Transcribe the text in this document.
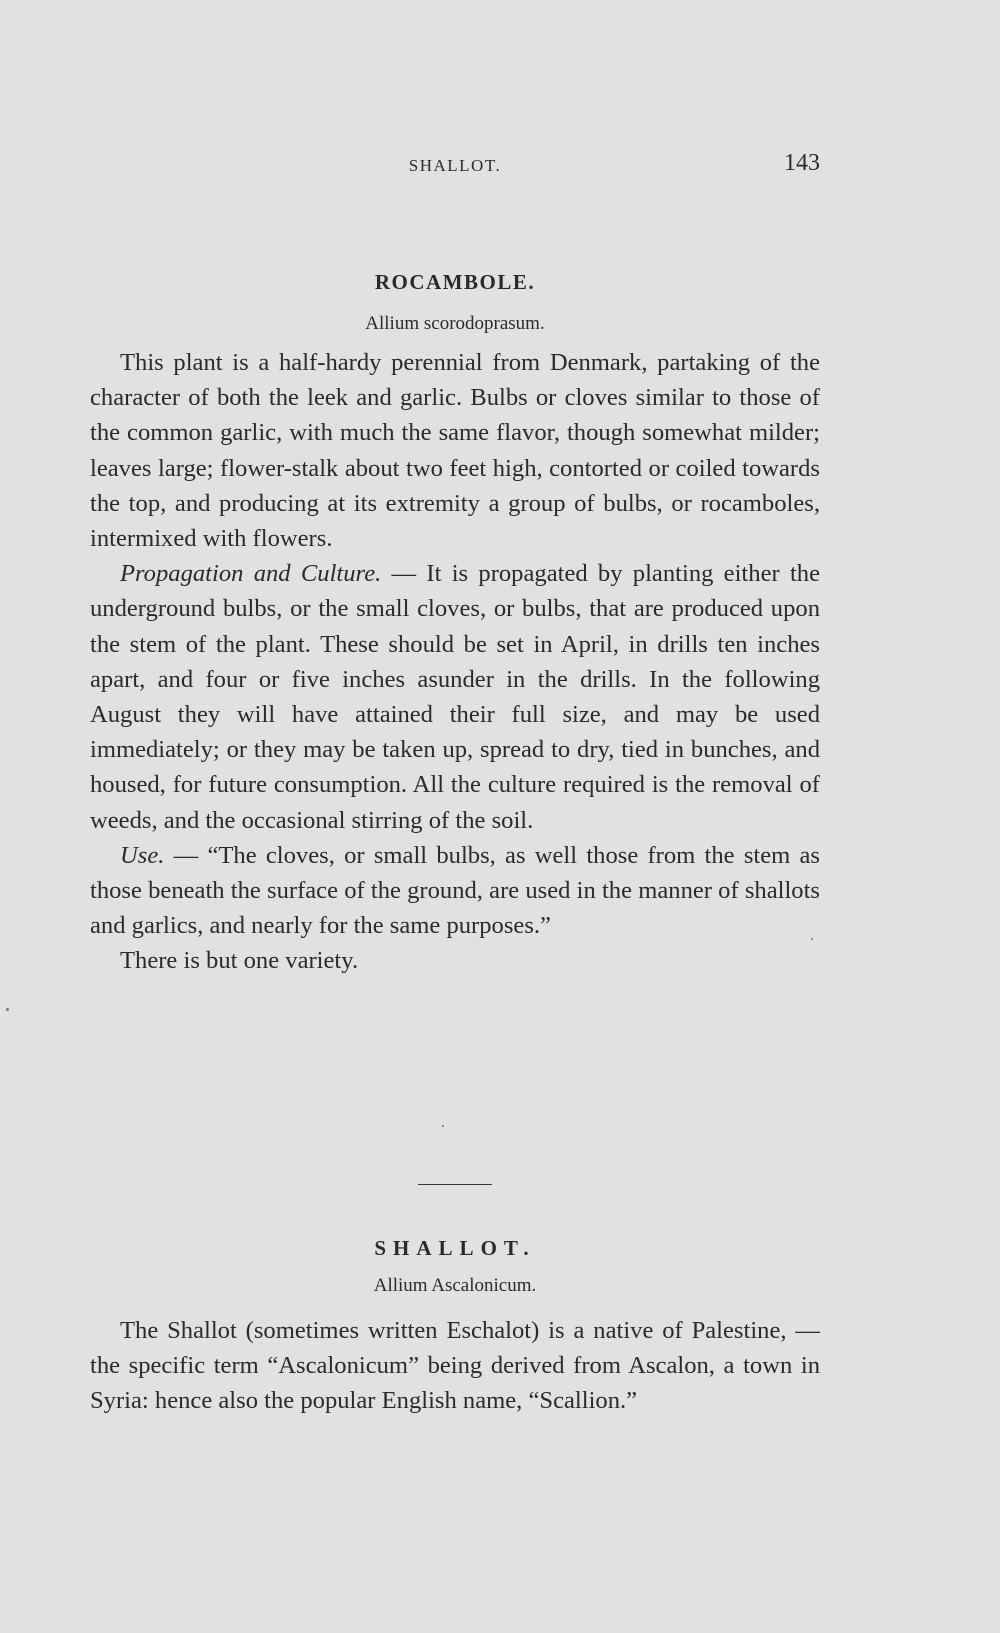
SHALLOT.	143
ROCAMBOLE.

Allium scorodoprasum.

This plant is a half-hardy perennial from Denmark, partaking of the character of both the leek and garlic. Bulbs or cloves similar to those of the common garlic, with much the same flavor, though somewhat milder; leaves large; flower-stalk about two feet high, contorted or coiled towards the top, and producing at its extremity a group of bulbs, or rocamboles, intermixed with flowers.

Propagation and Culture. — It is propagated by planting either the underground bulbs, or the small cloves, or bulbs, that are produced upon the stem of the plant. These should be set in April, in drills ten inches apart, and four or five inches asunder in the drills. In the following August they will have attained their full size, and may be used immediately; or they may be taken up, spread to dry, tied in bunches, and housed, for future consumption. All the culture required is the removal of weeds, and the occasional stirring of the soil.

Use. — “The cloves, or small bulbs, as well those from the stem as those beneath the surface of the ground, are used in the manner of shallots and garlics, and nearly for the same purposes.”

There is but one variety.

SHALLOT.

Allium Ascalonicum.

The Shallot (sometimes written Eschalot) is a native of Palestine, — the specific term “Ascalonicum” being derived from Ascalon, a town in Syria: hence also the popular English name, “Scallion.”
